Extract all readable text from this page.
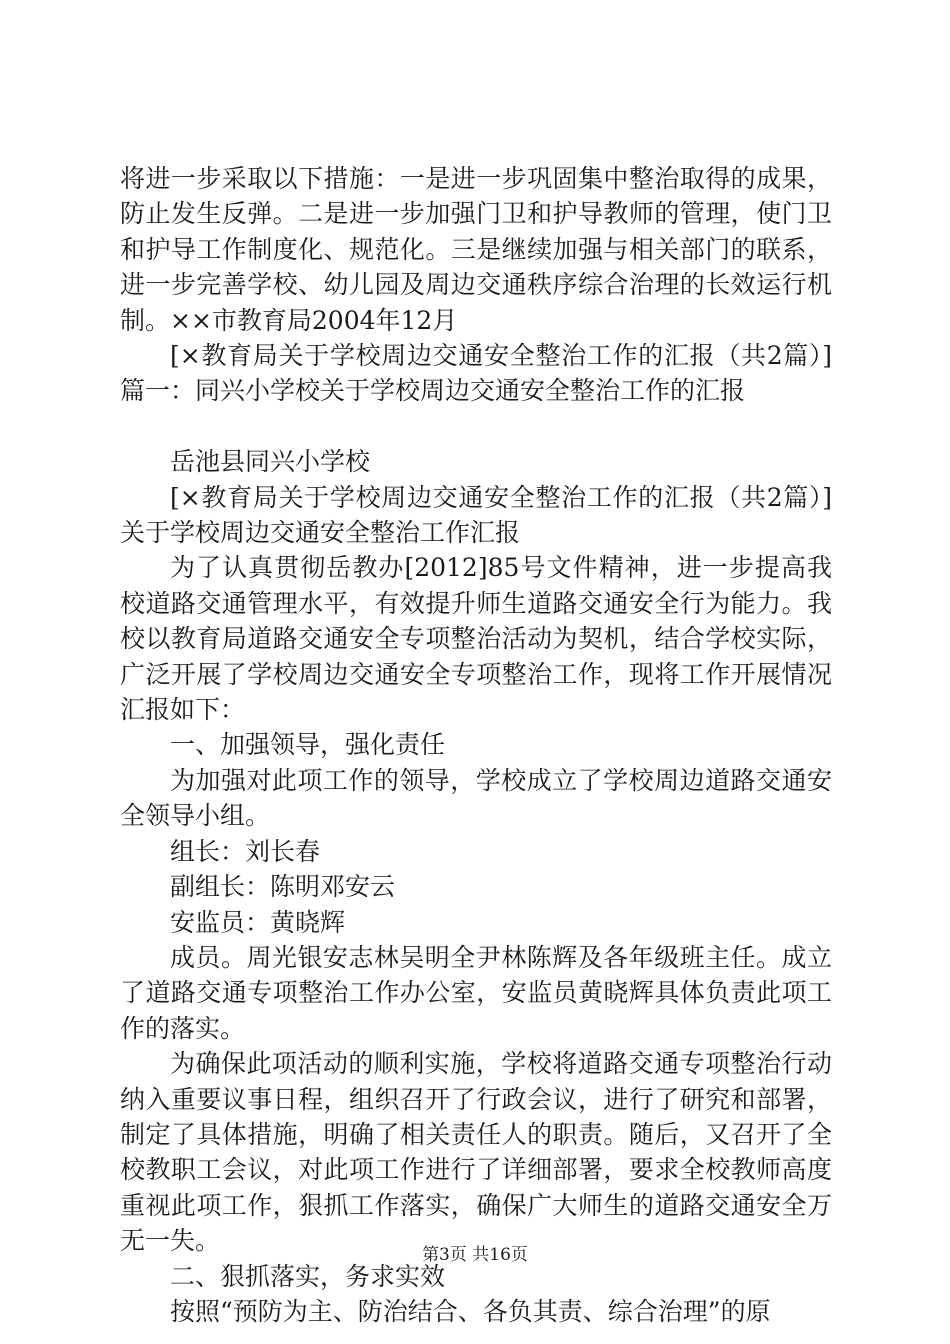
将进一步采取以下措施：一是进一步巩固集中整治取得的成果，防止发生反弹。二是进一步加强门卫和护导教师的管理，使门卫和护导工作制度化、规范化。三是继续加强与相关部门的联系，进一步完善学校、幼儿园及周边交通秩序综合治理的长效运行机制。××市教育局2004年12月

[×教育局关于学校周边交通安全整治工作的汇报（共2篇）]篇一：同兴小学校关于学校周边交通安全整治工作的汇报

岳池县同兴小学校

[×教育局关于学校周边交通安全整治工作的汇报（共2篇）]关于学校周边交通安全整治工作汇报

为了认真贯彻岳教办[2012]85号文件精神，进一步提高我校道路交通管理水平，有效提升师生道路交通安全行为能力。我校以教育局道路交通安全专项整治活动为契机，结合学校实际，广泛开展了学校周边交通安全专项整治工作，现将工作开展情况汇报如下：

一、加强领导，强化责任

为加强对此项工作的领导，学校成立了学校周边道路交通安全领导小组。

组长：刘长春

副组长：陈明邓安云

安监员：黄晓辉

成员。周光银安志林吴明全尹林陈辉及各年级班主任。成立了道路交通专项整治工作办公室，安监员黄晓辉具体负责此项工作的落实。

为确保此项活动的顺利实施，学校将道路交通专项整治行动纳入重要议事日程，组织召开了行政会议，进行了研究和部署，制定了具体措施，明确了相关责任人的职责。随后，又召开了全校教职工会议，对此项工作进行了详细部署，要求全校教师高度重视此项工作，狠抓工作落实，确保广大师生的道路交通安全万无一失。

二、狠抓落实，务求实效

按照“预防为主、防治结合、各负其责、综合治理”的原

第3页 共16页
